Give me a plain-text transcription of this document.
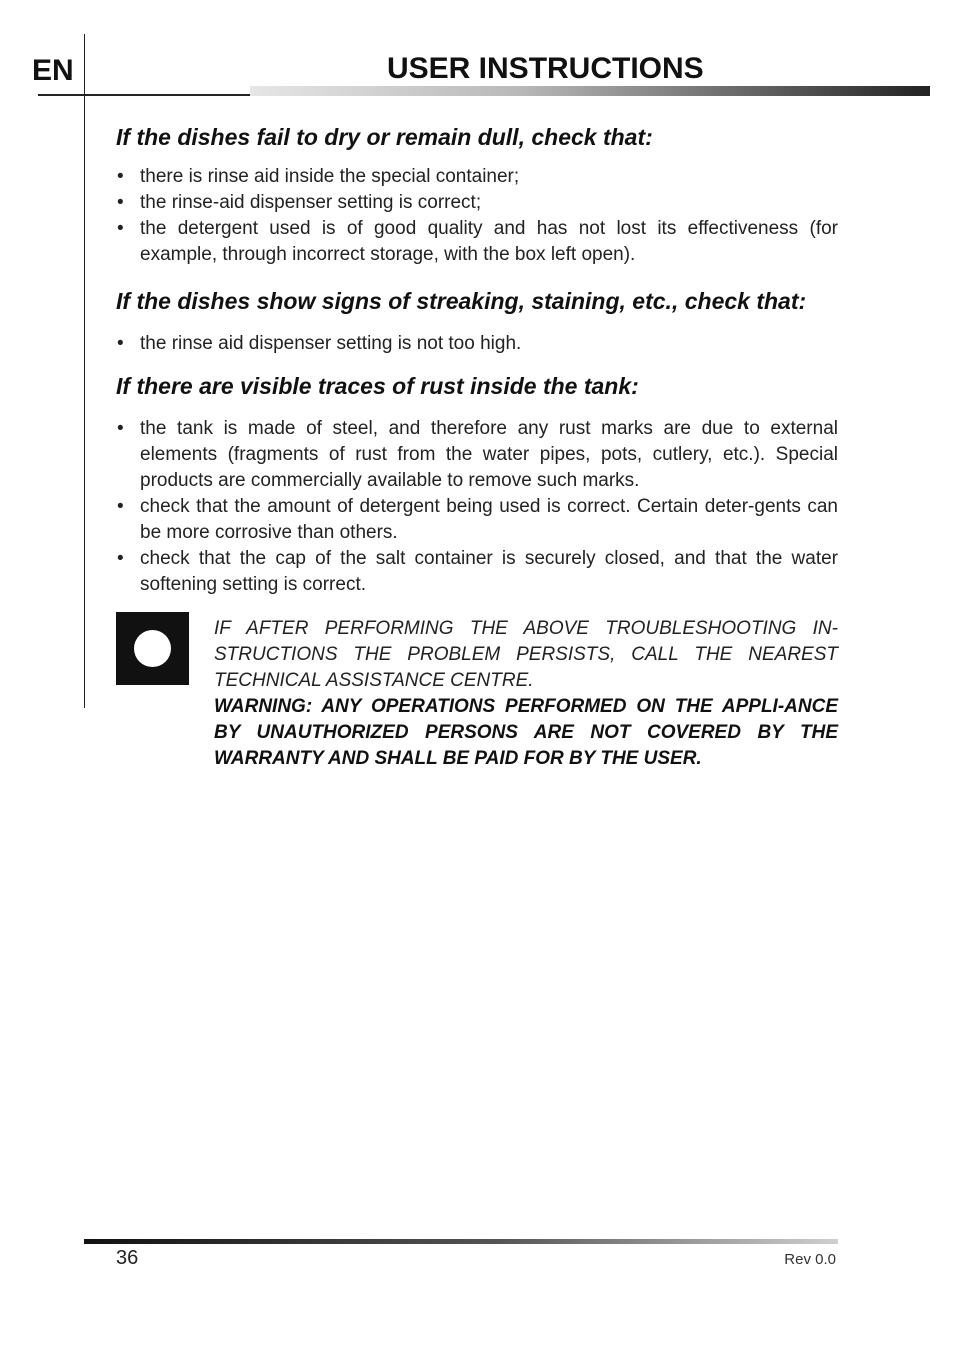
EN	USER INSTRUCTIONS
If the dishes fail to dry or remain dull, check that:
• there is rinse aid inside the special container;
• the rinse-aid dispenser setting is correct;
• the detergent used is of good quality and has not lost its effectiveness (for example, through incorrect storage, with the box left open).
If the dishes show signs of streaking, staining, etc., check that:
• the rinse aid dispenser setting is not too high.
If there are visible traces of rust inside the tank:
• the tank is made of steel, and therefore any rust marks are due to external elements (fragments of rust from the water pipes, pots, cutlery, etc.). Special products are commercially available to remove such marks.
• check that the amount of detergent being used is correct. Certain deter-gents can be more corrosive than others.
• check that the cap of the salt container is securely closed, and that the water softening setting is correct.

IF AFTER PERFORMING THE ABOVE TROUBLESHOOTING IN-STRUCTIONS THE PROBLEM PERSISTS, CALL THE NEAREST TECHNICAL ASSISTANCE CENTRE.

WARNING: ANY OPERATIONS PERFORMED ON THE APPLI-ANCE BY UNAUTHORIZED PERSONS ARE NOT COVERED BY THE WARRANTY AND SHALL BE PAID FOR BY THE USER.

36	Rev 0.0
